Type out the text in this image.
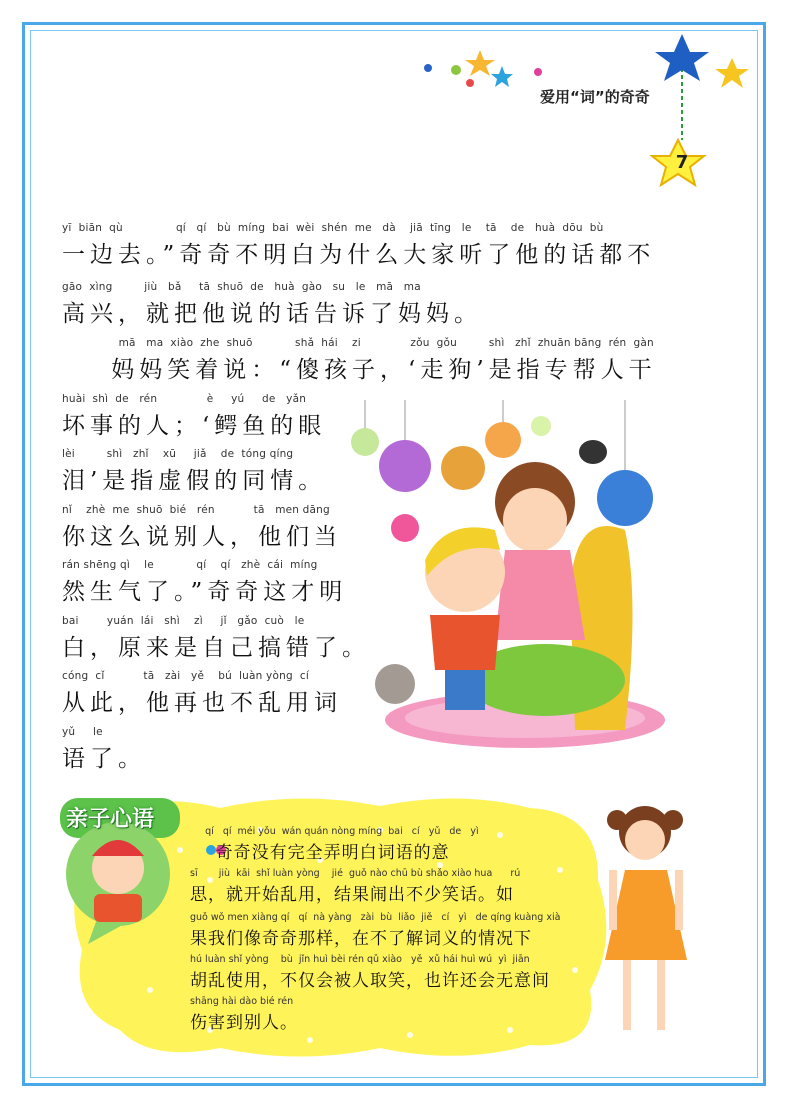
爱用“词”的奇奇
7
yī  biān  qù               qí   qí   bù  míng  bai  wèi  shén  me   dà    jiā  tīng   le    tā    de   huà  dōu  bù
一边去。”奇奇不明白为什么大家听了他的话都不
gāo  xìng         jiù   bǎ     tā  shuō  de   huà  gào   su   le   mā   ma
高兴，就把他说的话告诉了妈妈。
mā   ma  xiào  zhe  shuō            shǎ  hái    zi              zǒu  gǒu         shì   zhǐ  zhuān bāng  rén  gàn
妈妈笑着说：“傻孩子，‘走狗’是指专帮人干
huài  shì  de   rén              è     yú     de   yǎn
坏事的人；‘鳄鱼的眼
lèi         shì   zhǐ    xū     jiǎ    de  tóng qíng
泪’是指虚假的同情。
nǐ    zhè  me  shuō  bié   rén           tā   men dāng
你这么说别人，他们当
rán shēng qì    le            qí    qí   zhè  cái  míng
然生气了。”奇奇这才明
bai        yuán  lái   shì    zì     jǐ   gǎo  cuò   le
白，原来是自己搞错了。
cóng  cǐ           tā   zài   yě    bú  luàn yòng  cí
从此，他再也不乱用词
yǔ     le
语了。
亲子心语	qí   qí  méi yǒu  wán quán nòng míng  bai   cí   yǔ   de   yì
奇奇没有完全弄明白词语的意
sī       jiù  kāi  shǐ luàn yòng    jié  guǒ nào chū bù shǎo xiào hua      rú
思，就开始乱用，结果闹出不少笑话。如
guǒ wǒ men xiàng qí   qí  nà yàng   zài  bù  liǎo  jiě   cí   yì   de qíng kuàng xià
果我们像奇奇那样，在不了解词义的情况下
hú luàn shǐ yòng    bù  jǐn huì bèi rén qǔ xiào   yě  xǔ hái huì wú  yì  jiān
胡乱使用，不仅会被人取笑，也许还会无意间
shāng hài dào bié rén
伤害到别人。
